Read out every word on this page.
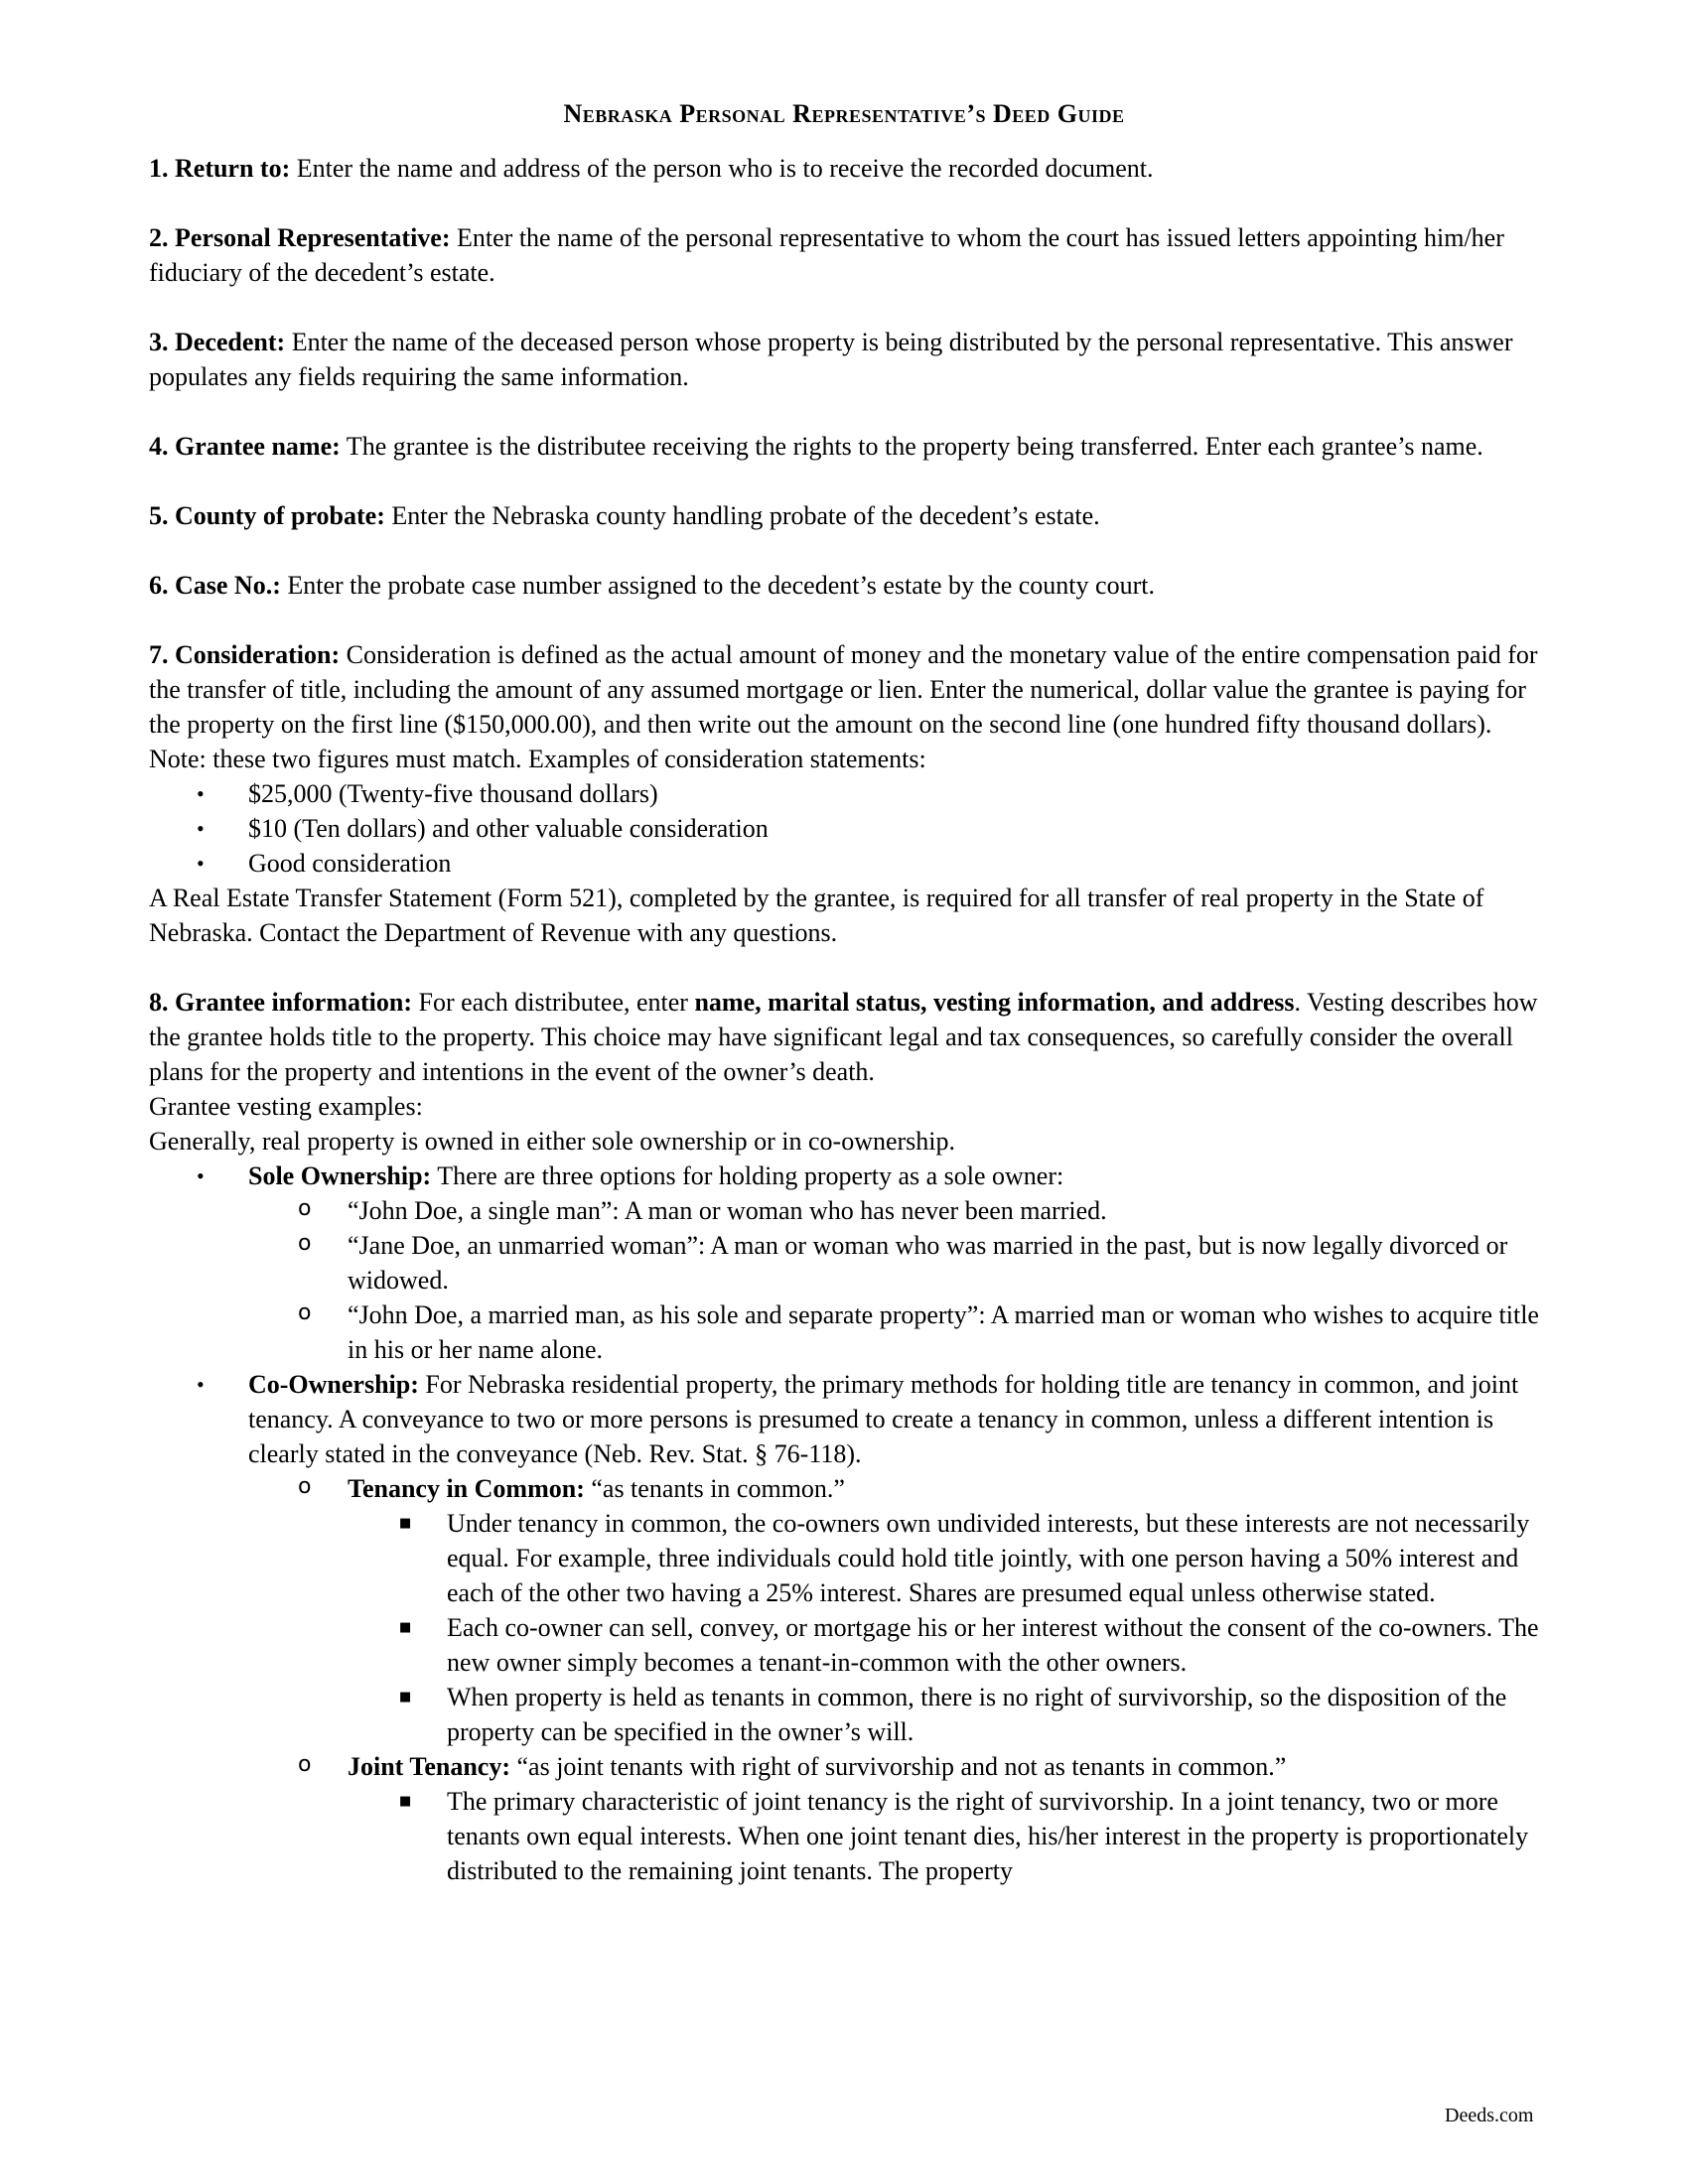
Nebraska Personal Representative’s Deed Guide

1. Return to: Enter the name and address of the person who is to receive the recorded document.

2. Personal Representative: Enter the name of the personal representative to whom the court has issued letters appointing him/her fiduciary of the decedent’s estate.

3. Decedent: Enter the name of the deceased person whose property is being distributed by the personal representative. This answer populates any fields requiring the same information.

4. Grantee name: The grantee is the distributee receiving the rights to the property being transferred. Enter each grantee’s name.

5. County of probate: Enter the Nebraska county handling probate of the decedent’s estate.

6. Case No.: Enter the probate case number assigned to the decedent’s estate by the county court.

7. Consideration: Consideration is defined as the actual amount of money and the monetary value of the entire compensation paid for the transfer of title, including the amount of any assumed mortgage or lien. Enter the numerical, dollar value the grantee is paying for the property on the first line ($150,000.00), and then write out the amount on the second line (one hundred fifty thousand dollars). Note: these two figures must match. Examples of consideration statements:

• $25,000 (Twenty-five thousand dollars)
• $10 (Ten dollars) and other valuable consideration
• Good consideration

A Real Estate Transfer Statement (Form 521), completed by the grantee, is required for all transfer of real property in the State of Nebraska. Contact the Department of Revenue with any questions.

8. Grantee information: For each distributee, enter name, marital status, vesting information, and address. Vesting describes how the grantee holds title to the property. This choice may have significant legal and tax consequences, so carefully consider the overall plans for the property and intentions in the event of the owner’s death.

Grantee vesting examples:

Generally, real property is owned in either sole ownership or in co-ownership.

• Sole Ownership: There are three options for holding property as a sole owner:
o “John Doe, a single man”: A man or woman who has never been married.
o “Jane Doe, an unmarried woman”: A man or woman who was married in the past, but is now legally divorced or widowed.
o “John Doe, a married man, as his sole and separate property”: A married man or woman who wishes to acquire title in his or her name alone.
• Co-Ownership: For Nebraska residential property, the primary methods for holding title are tenancy in common, and joint tenancy. A conveyance to two or more persons is presumed to create a tenancy in common, unless a different intention is clearly stated in the conveyance (Neb. Rev. Stat. § 76-118).
o Tenancy in Common: “as tenants in common.”
■ Under tenancy in common, the co-owners own undivided interests, but these interests are not necessarily equal. For example, three individuals could hold title jointly, with one person having a 50% interest and each of the other two having a 25% interest. Shares are presumed equal unless otherwise stated.
■ Each co-owner can sell, convey, or mortgage his or her interest without the consent of the co-owners. The new owner simply becomes a tenant-in-common with the other owners.
■ When property is held as tenants in common, there is no right of survivorship, so the disposition of the property can be specified in the owner’s will.
o Joint Tenancy: “as joint tenants with right of survivorship and not as tenants in common.”
■ The primary characteristic of joint tenancy is the right of survivorship. In a joint tenancy, two or more tenants own equal interests. When one joint tenant dies, his/her interest in the property is proportionately distributed to the remaining joint tenants. The property
Deeds.com
